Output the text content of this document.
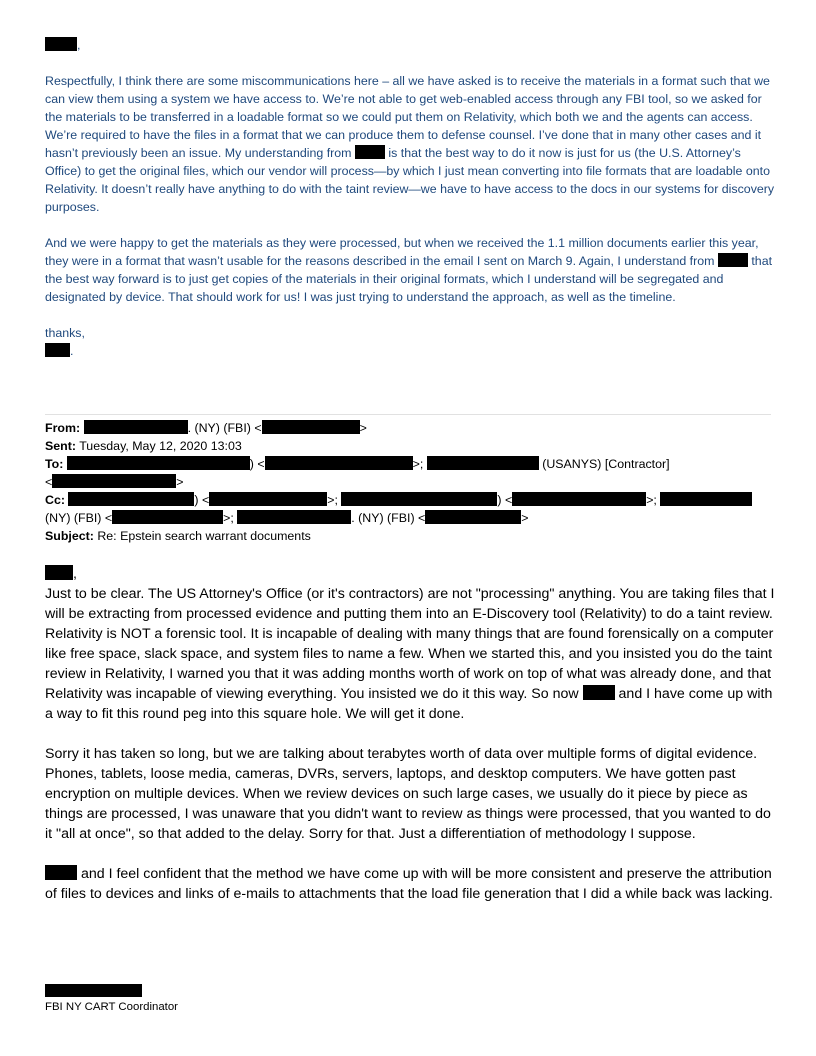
,

Respectfully, I think there are some miscommunications here – all we have asked is to receive the materials in a format such that we can view them using a system we have access to. We’re not able to get web-enabled access through any FBI tool, so we asked for the materials to be transferred in a loadable format so we could put them on Relativity, which both we and the agents can access. We’re required to have the files in a format that we can produce them to defense counsel. I’ve done that in many other cases and it hasn’t previously been an issue. My understanding from	is that the best way to do it now is just for us (the U.S. Attorney’s Office) to get the original files, which our vendor will process—by which I just mean converting into file formats that are loadable onto Relativity. It doesn’t really have anything to do with the taint review—we have to have access to the docs in our systems for discovery purposes.

And we were happy to get the materials as they were processed, but when we received the 1.1 million documents earlier this year, they were in a format that wasn’t usable for the reasons described in the email I sent on March 9. Again, I understand from	that the best way forward is to just get copies of the materials in their original formats, which I understand will be segregated and designated by device. That should work for us! I was just trying to understand the approach, as well as the timeline.

thanks,
.
From:	. (NY) (FBI) <	>
Sent: Tuesday, May 12, 2020 13:03
To:	) <	>;	(USANYS) [Contractor]
<	>
Cc:	) <	>;	) <	>;
(NY) (FBI) <	>;	. (NY) (FBI) <	>
Subject: Re: Epstein search warrant documents
,

Just to be clear. The US Attorney's Office (or it's contractors) are not "processing" anything. You are taking files that I will be extracting from processed evidence and putting them into an E-Discovery tool (Relativity) to do a taint review.

Relativity is NOT a forensic tool. It is incapable of dealing with many things that are found forensically on a computer like free space, slack space, and system files to name a few. When we started this, and you insisted you do the taint review in Relativity, I warned you that it was adding months worth of work on top of what was already done, and that Relativity was incapable of viewing everything. You insisted we do it this way. So now	and I have come up with a way to fit this round peg into this square hole. We will get it done.

Sorry it has taken so long, but we are talking about terabytes worth of data over multiple forms of digital evidence. Phones, tablets, loose media, cameras, DVRs, servers, laptops, and desktop computers. We have gotten past encryption on multiple devices. When we review devices on such large cases, we usually do it piece by piece as things are processed, I was unaware that you didn't want to review as things were processed, that you wanted to do it "all at once", so that added to the delay. Sorry for that. Just a differentiation of methodology I suppose.

and I feel confident that the method we have come up with will be more consistent and preserve the attribution of files to devices and links of e-mails to attachments that the load file generation that I did a while back was lacking.

FBI NY CART Coordinator
